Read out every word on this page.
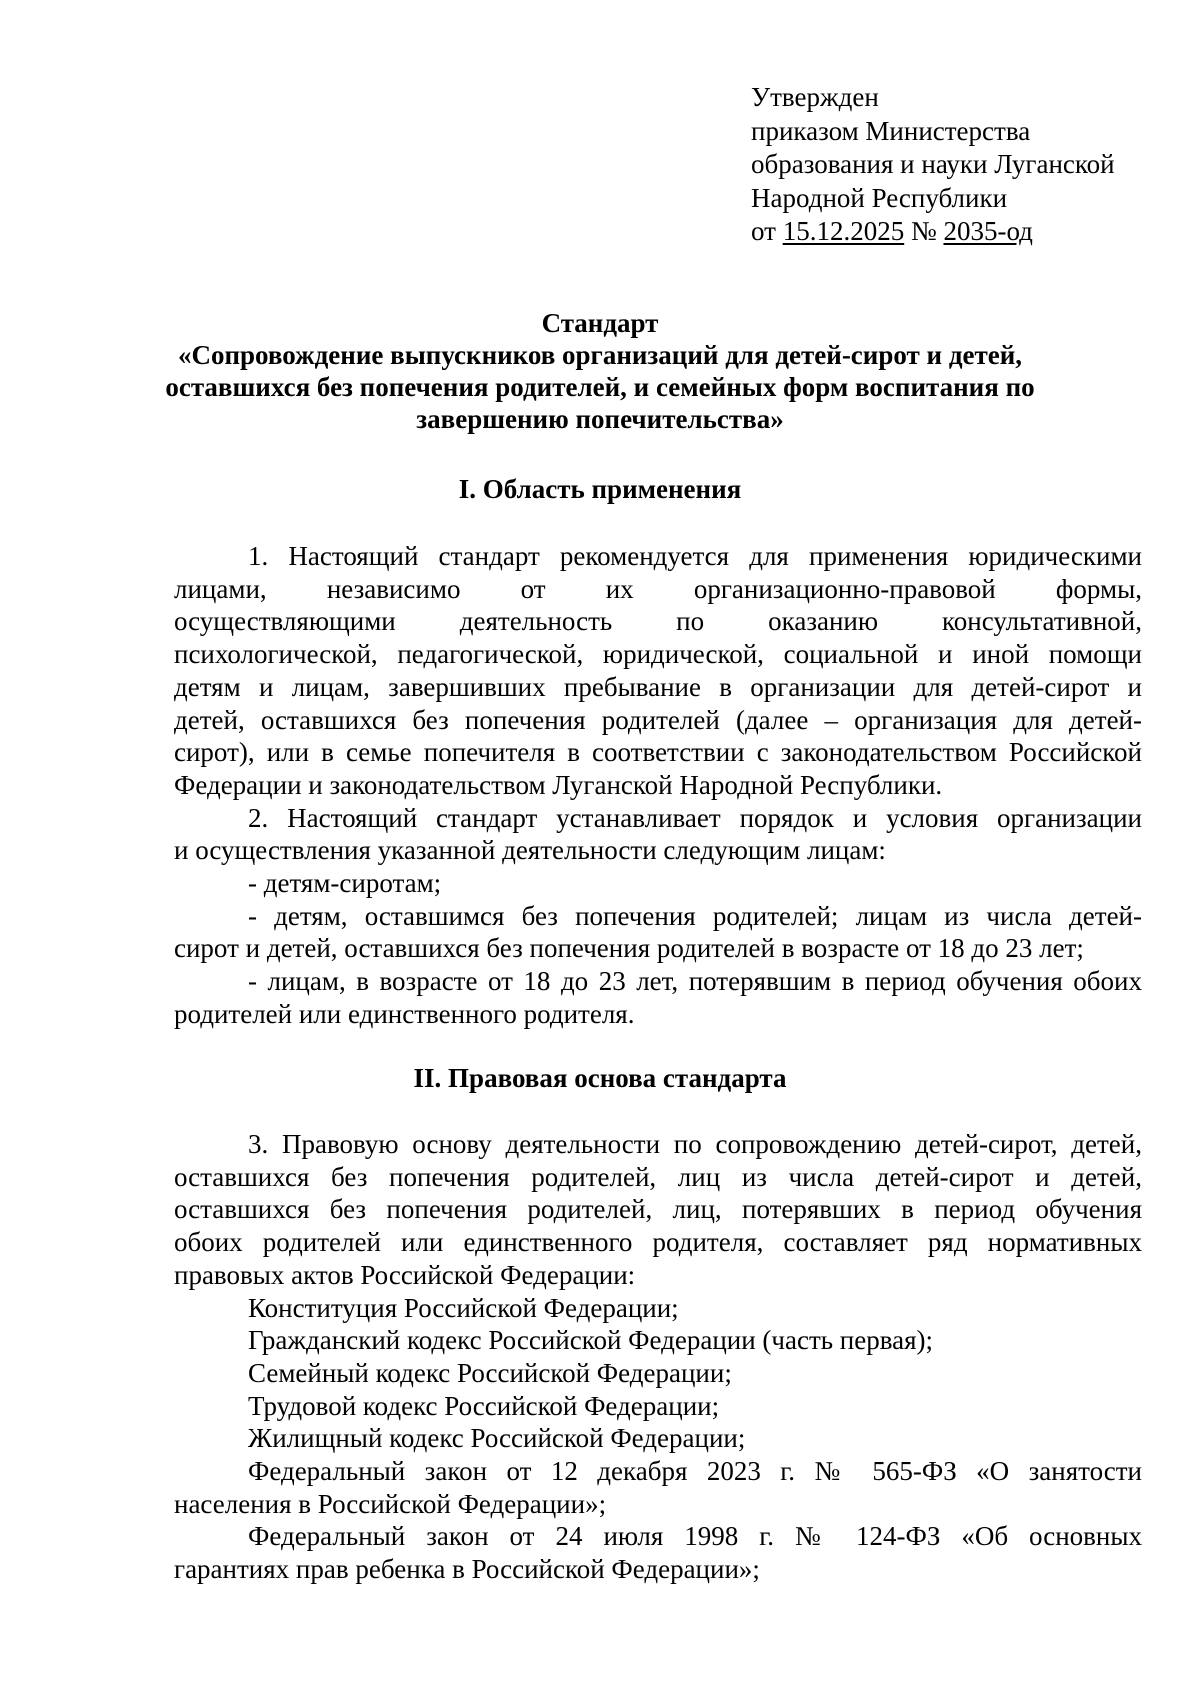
Утвержден
приказом Министерства
образования и науки Луганской
Народной Республики
от 15.12.2025 № 2035-од
Стандарт
«Сопровождение выпускников организаций для детей-сирот и детей,
оставшихся без попечения родителей, и семейных форм воспитания по
завершению попечительства»
I. Область применения
1. Настоящий стандарт рекомендуется для применения юридическими
лицами, независимо от их организационно-правовой формы,
осуществляющими деятельность по оказанию консультативной,
психологической, педагогической, юридической, социальной и иной помощи
детям и лицам, завершивших пребывание в организации для детей-сирот и
детей, оставшихся без попечения родителей (далее – организация для детей-
сирот), или в семье попечителя в соответствии с законодательством Российской
Федерации и законодательством Луганской Народной Республики.
2. Настоящий стандарт устанавливает порядок и условия организации
и осуществления указанной деятельности следующим лицам:
- детям-сиротам;
- детям, оставшимся без попечения родителей; лицам из числа детей-
сирот и детей, оставшихся без попечения родителей в возрасте от 18 до 23 лет;
- лицам, в возрасте от 18 до 23 лет, потерявшим в период обучения обоих
родителей или единственного родителя.
II. Правовая основа стандарта
3. Правовую основу деятельности по сопровождению детей-сирот, детей,
оставшихся без попечения родителей, лиц из числа детей-сирот и детей,
оставшихся без попечения родителей, лиц, потерявших в период обучения
обоих родителей или единственного родителя, составляет ряд нормативных
правовых актов Российской Федерации:
Конституция Российской Федерации;
Гражданский кодекс Российской Федерации (часть первая);
Семейный кодекс Российской Федерации;
Трудовой кодекс Российской Федерации;
Жилищный кодекс Российской Федерации;
Федеральный закон от 12 декабря 2023 г. № 565-ФЗ «О занятости
населения в Российской Федерации»;
Федеральный закон от 24 июля 1998 г. № 124-ФЗ «Об основных
гарантиях прав ребенка в Российской Федерации»;
